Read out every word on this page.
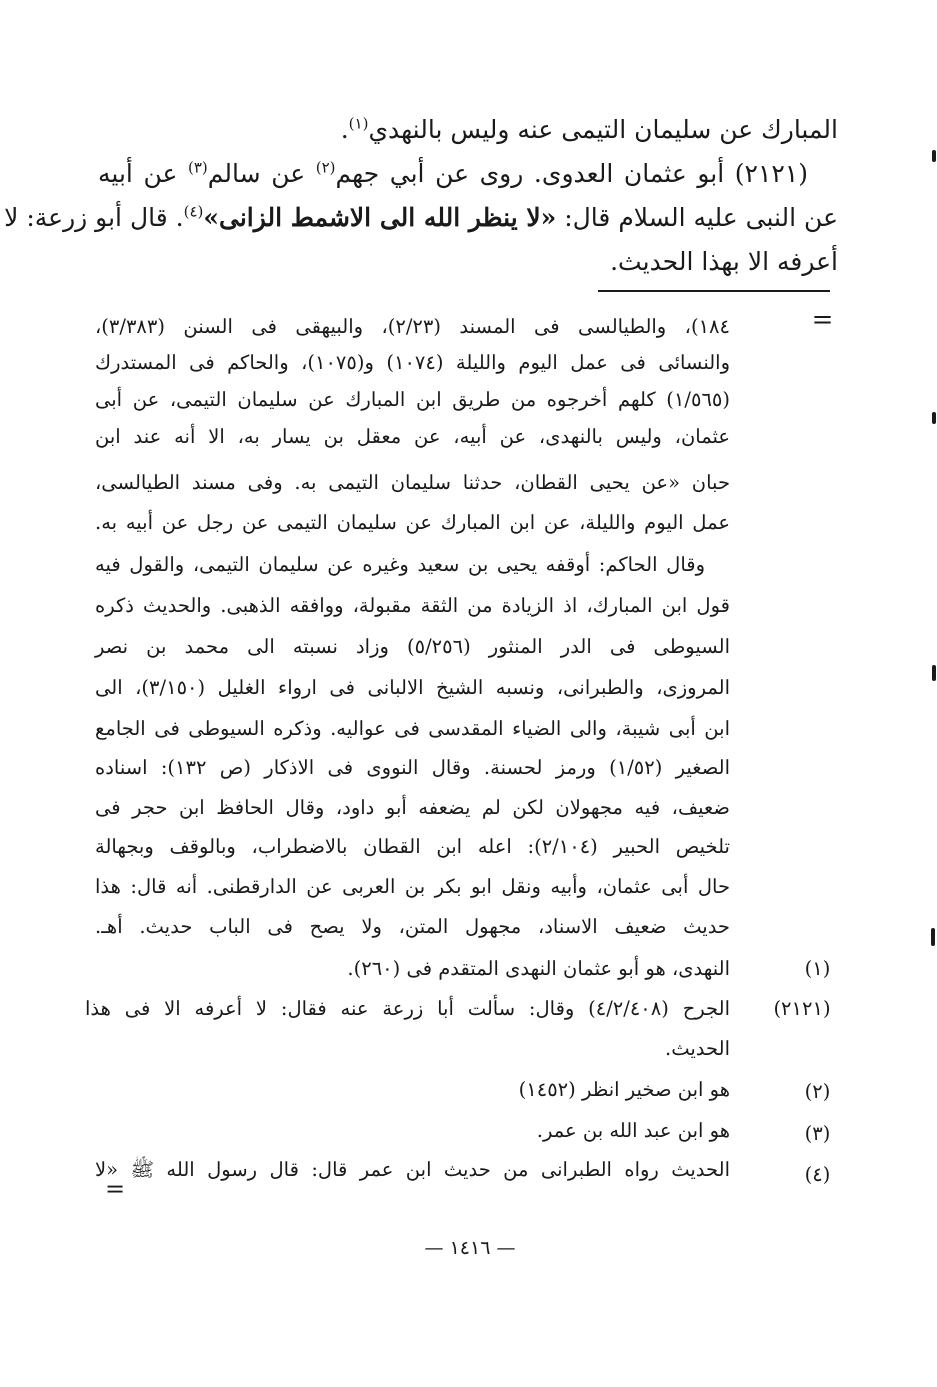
المبارك عن سليمان التيمى عنه وليس بالنهدي$^{(١)}$.
(٢١٢١) أبو عثمان العدوى. روى عن أبي جهم$^{(٢)}$ عن سالم$^{(٣)}$ عن أبيه
عن النبى عليه السلام قال: «لا ينظر الله الى الاشمط الزانى»$^{(٤)}$. قال أبو زرعة: لا
أعرفه الا بهذا الحديث.
=
١٨٤)، والطيالسى فى المسند (٢/٢٣)، والبيهقى فى السنن (٣/٣٨٣)،
والنسائى فى عمل اليوم والليلة (١٠٧٤) و(١٠٧٥)، والحاكم فى المستدرك
(١/٥٦٥) كلهم أخرجوه من طريق ابن المبارك عن سليمان التيمى، عن أبى
عثمان، وليس بالنهدى، عن أبيه، عن معقل بن يسار به، الا أنه عند ابن
حبان «عن يحيى القطان، حدثنا سليمان التيمى به. وفى مسند الطيالسى،
عمل اليوم والليلة، عن ابن المبارك عن سليمان التيمى عن رجل عن أبيه به.
وقال الحاكم: أوقفه يحيى بن سعيد وغيره عن سليمان التيمى، والقول فيه
قول ابن المبارك، اذ الزيادة من الثقة مقبولة، ووافقه الذهبى. والحديث ذكره
السيوطى فى الدر المنثور (٥/٢٥٦) وزاد نسبته الى محمد بن نصر
المروزى، والطبرانى، ونسبه الشيخ الالبانى فى ارواء الغليل (٣/١٥٠)، الى
ابن أبى شيبة، والى الضياء المقدسى فى عواليه. وذكره السيوطى فى الجامع
الصغير (١/٥٢) ورمز لحسنة. وقال النووى فى الاذكار (ص ١٣٢): اسناده
ضعيف، فيه مجهولان لكن لم يضعفه أبو داود، وقال الحافظ ابن حجر فى
تلخيص الحبير (٢/١٠٤): اعله ابن القطان بالاضطراب، وبالوقف وبجهالة
حال أبى عثمان، وأبيه ونقل ابو بكر بن العربى عن الدارقطنى. أنه قال: هذا
حديث ضعيف الاسناد، مجهول المتن، ولا يصح فى الباب حديث. أهـ.
(١)
النهدى، هو أبو عثمان النهدى المتقدم فى (٢٦٠).
(٢١٢١)
الجرح (٤/٢/٤٠٨) وقال: سألت أبا زرعة عنه فقال: لا أعرفه الا فى هذا
الحديث.
(٢)
هو ابن صخير انظر (١٤٥٢)
(٣)
هو ابن عبد الله بن عمر.
(٤)
الحديث رواه الطبرانى من حديث ابن عمر قال: قال رسول الله ﷺ «لا
=
— ١٤١٦ —
